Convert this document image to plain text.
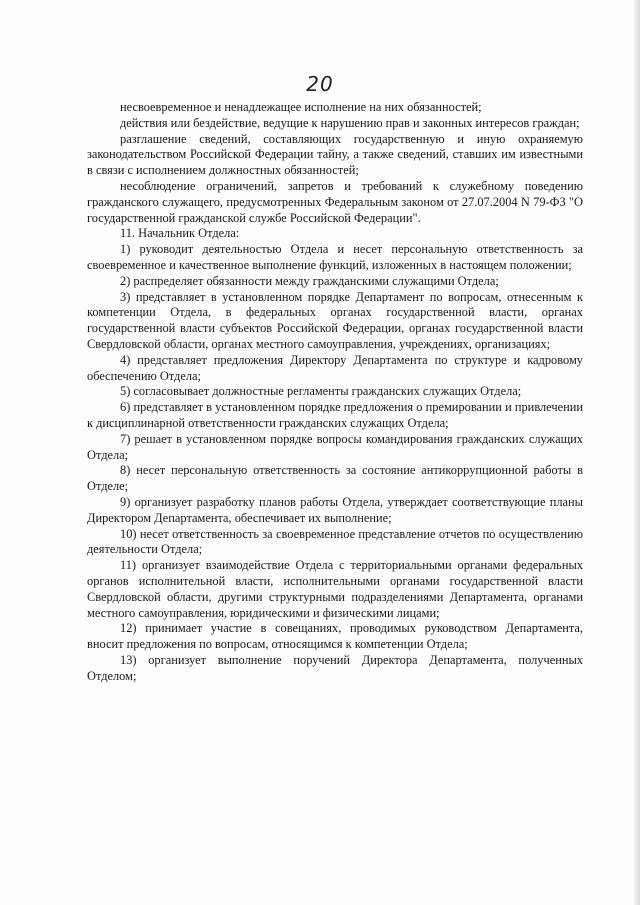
20

несвоевременное и ненадлежащее исполнение на них обязанностей;

действия или бездействие, ведущие к нарушению прав и законных интересов граждан;

разглашение сведений, составляющих государственную и иную охраняемую законодательством Российской Федерации тайну, а также сведений, ставших им известными в связи с исполнением должностных обязанностей;

несоблюдение ограничений, запретов и требований к служебному поведению гражданского служащего, предусмотренных Федеральным законом от 27.07.2004 N 79-ФЗ "О государственной гражданской службе Российской Федерации".

11. Начальник Отдела:

1) руководит деятельностью Отдела и несет персональную ответственность за своевременное и качественное выполнение функций, изложенных в настоящем положении;

2) распределяет обязанности между гражданскими служащими Отдела;

3) представляет в установленном порядке Департамент по вопросам, отнесенным к компетенции Отдела, в федеральных органах государственной власти, органах государственной власти субъектов Российской Федерации, органах государственной власти Свердловской области, органах местного самоуправления, учреждениях, организациях;

4) представляет предложения Директору Департамента по структуре и кадровому обеспечению Отдела;

5) согласовывает должностные регламенты гражданских служащих Отдела;

6) представляет в установленном порядке предложения о премировании и привлечении к дисциплинарной ответственности гражданских служащих Отдела;

7) решает в установленном порядке вопросы командирования гражданских служащих Отдела;

8) несет персональную ответственность за состояние антикоррупционной работы в Отделе;

9) организует разработку планов работы Отдела, утверждает соответствующие планы Директором Департамента, обеспечивает их выполнение;

10) несет ответственность за своевременное представление отчетов по осуществлению деятельности Отдела;

11) организует взаимодействие Отдела с территориальными органами федеральных органов исполнительной власти, исполнительными органами государственной власти Свердловской области, другими структурными подразделениями Департамента, органами местного самоуправления, юридическими и физическими лицами;

12) принимает участие в совещаниях, проводимых руководством Департамента, вносит предложения по вопросам, относящимся к компетенции Отдела;

13) организует выполнение поручений Директора Департамента, полученных Отделом;
